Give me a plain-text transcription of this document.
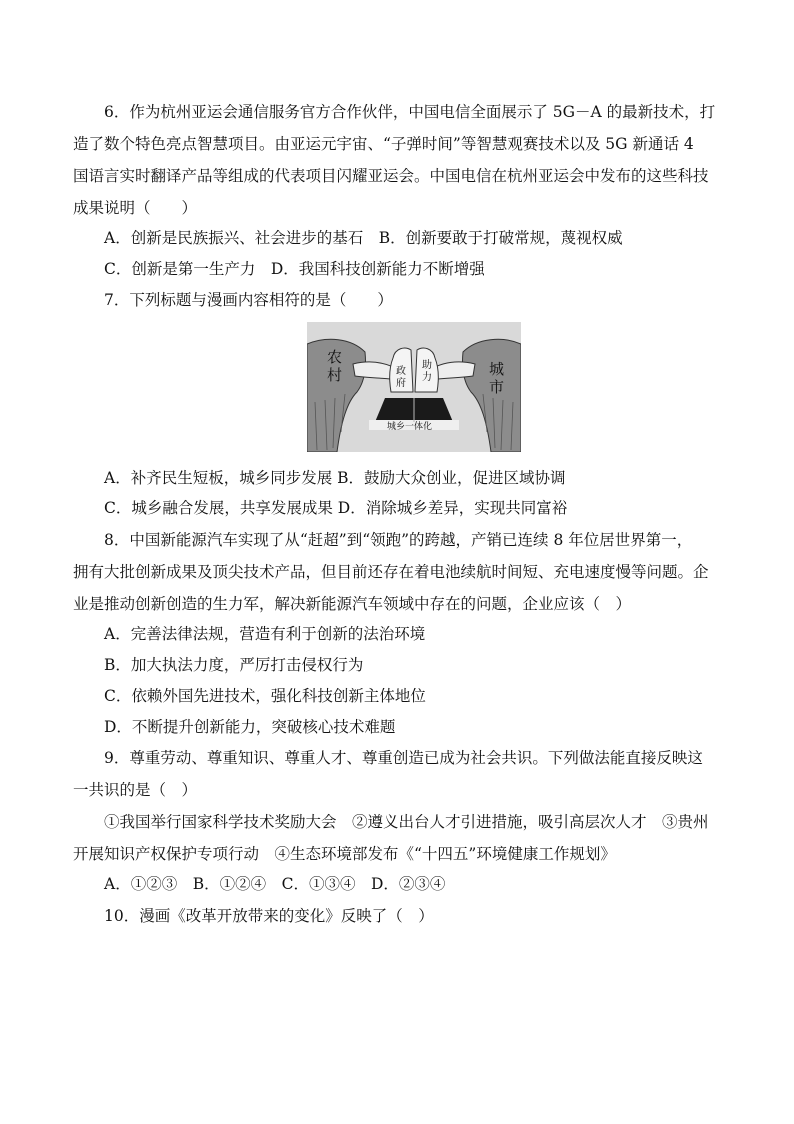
6．作为杭州亚运会通信服务官方合作伙伴，中国电信全面展示了 5G－A 的最新技术，打
造了数个特色亮点智慧项目。由亚运元宇宙、“子弹时间”等智慧观赛技术以及 5G 新通话 4
国语言实时翻译产品等组成的代表项目闪耀亚运会。中国电信在杭州亚运会中发布的这些科技
成果说明（　　）
A．创新是民族振兴、社会进步的基石　B．创新要敢于打破常规，蔑视权威
C．创新是第一生产力　D．我国科技创新能力不断增强
7．下列标题与漫画内容相符的是（　　）
农
村	城
市
政
府
助
力
城乡一体化
A．补齐民生短板，城乡同步发展 B．鼓励大众创业，促进区域协调
C．城乡融合发展，共享发展成果 D．消除城乡差异，实现共同富裕
8．中国新能源汽车实现了从“赶超”到“领跑”的跨越，产销已连续 8 年位居世界第一，
拥有大批创新成果及顶尖技术产品，但目前还存在着电池续航时间短、充电速度慢等问题。企
业是推动创新创造的生力军，解决新能源汽车领域中存在的问题，企业应该（　）
A．完善法律法规，营造有利于创新的法治环境
B．加大执法力度，严厉打击侵权行为
C．依赖外国先进技术，强化科技创新主体地位
D．不断提升创新能力，突破核心技术难题
9．尊重劳动、尊重知识、尊重人才、尊重创造已成为社会共识。下列做法能直接反映这
一共识的是（　）
①我国举行国家科学技术奖励大会　②遵义出台人才引进措施，吸引高层次人才　③贵州
开展知识产权保护专项行动　④生态环境部发布《“十四五”环境健康工作规划》
A．①②③　B．①②④　C．①③④　D．②③④
10．漫画《改革开放带来的变化》反映了（　）
